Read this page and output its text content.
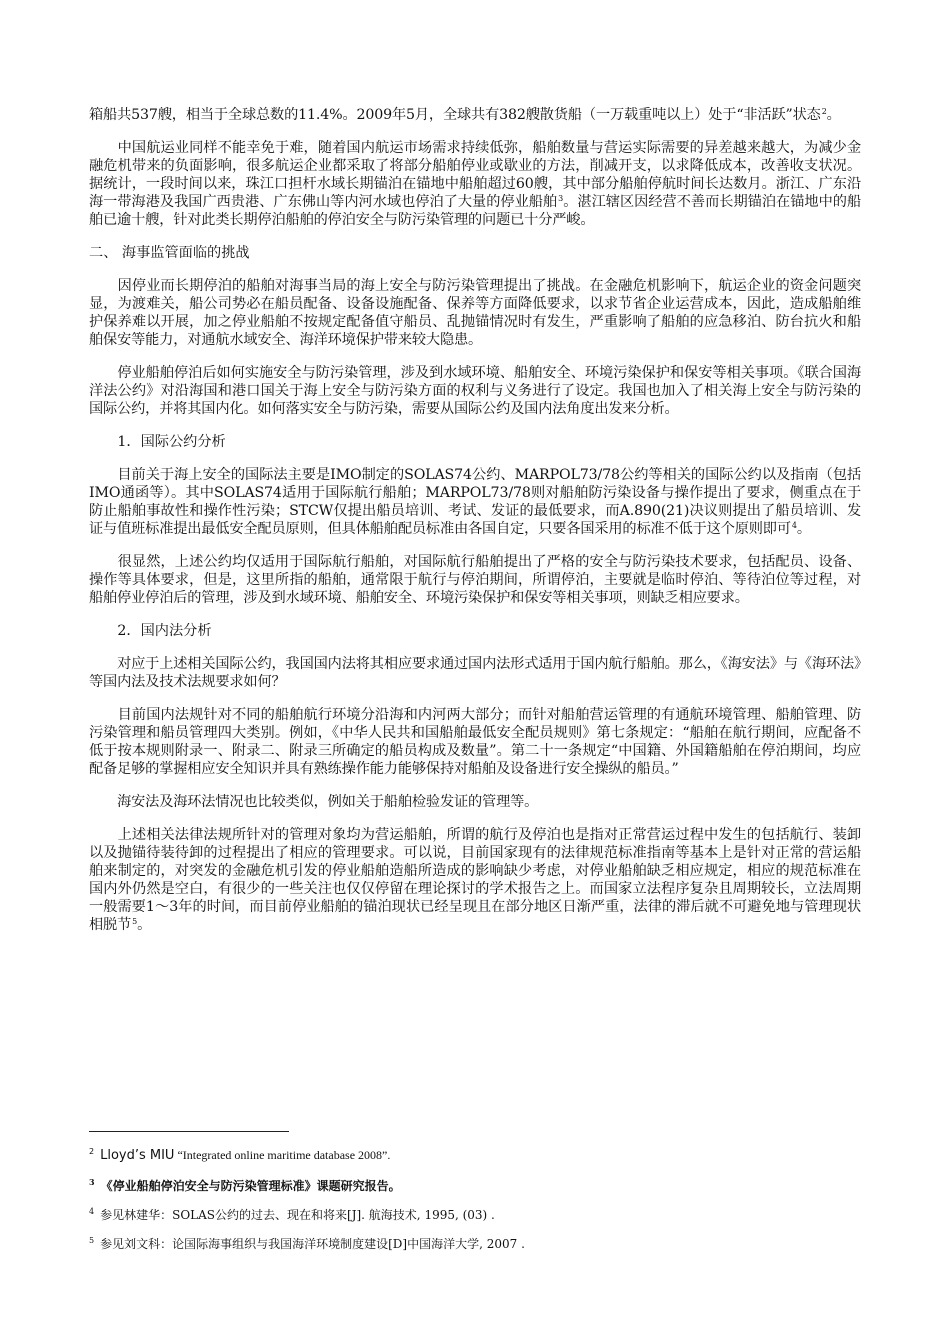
箱船共537艘，相当于全球总数的11.4%。2009年5月，全球共有382艘散货船（一万载重吨以上）处于“非活跃”状态$^2$。

　　中国航运业同样不能幸免于难，随着国内航运市场需求持续低弥，船舶数量与营运实际需要的异差越来越大，为减少金融危机带来的负面影响，很多航运企业都采取了将部分船舶停业或歇业的方法，削减开支，以求降低成本，改善收支状况。据统计，一段时间以来，珠江口担杆水域长期锚泊在锚地中船舶超过60艘，其中部分船舶停航时间长达数月。浙江、广东沿海一带海港及我国广西贵港、广东佛山等内河水域也停泊了大量的停业船舶$^3$。湛江辖区因经营不善而长期锚泊在锚地中的船舶已逾十艘，针对此类长期停泊船舶的停泊安全与防污染管理的问题已十分严峻。

二、 海事监管面临的挑战

　　因停业而长期停泊的船舶对海事当局的海上安全与防污染管理提出了挑战。在金融危机影响下，航运企业的资金问题突显，为渡难关，船公司势必在船员配备、设备设施配备、保养等方面降低要求，以求节省企业运营成本，因此，造成船舶维护保养难以开展，加之停业船舶不按规定配备值守船员、乱抛锚情况时有发生，严重影响了船舶的应急移泊、防台抗火和船舶保安等能力，对通航水域安全、海洋环境保护带来较大隐患。

　　停业船舶停泊后如何实施安全与防污染管理，涉及到水域环境、船舶安全、环境污染保护和保安等相关事项。《联合国海洋法公约》对沿海国和港口国关于海上安全与防污染方面的权利与义务进行了设定。我国也加入了相关海上安全与防污染的国际公约，并将其国内化。如何落实安全与防污染，需要从国际公约及国内法角度出发来分析。

　　1．国际公约分析

　　目前关于海上安全的国际法主要是IMO制定的SOLAS74公约、MARPOL73/78公约等相关的国际公约以及指南（包括IMO通函等）。其中SOLAS74适用于国际航行船舶；MARPOL73/78则对船舶防污染设备与操作提出了要求，侧重点在于防止船舶事故性和操作性污染；STCW仅提出船员培训、考试、发证的最低要求，而A.890(21)决议则提出了船员培训、发证与值班标准提出最低安全配员原则，但具体船舶配员标准由各国自定，只要各国采用的标准不低于这个原则即可$^4$。

　　很显然，上述公约均仅适用于国际航行船舶，对国际航行船舶提出了严格的安全与防污染技术要求，包括配员、设备、操作等具体要求，但是，这里所指的船舶，通常限于航行与停泊期间，所谓停泊，主要就是临时停泊、等待泊位等过程，对船舶停业停泊后的管理，涉及到水域环境、船舶安全、环境污染保护和保安等相关事项，则缺乏相应要求。

　　2．国内法分析

　　对应于上述相关国际公约，我国国内法将其相应要求通过国内法形式适用于国内航行船舶。那么，《海安法》与《海环法》等国内法及技术法规要求如何？

　　目前国内法规针对不同的船舶航行环境分沿海和内河两大部分；而针对船舶营运管理的有通航环境管理、船舶管理、防污染管理和船员管理四大类别。例如，《中华人民共和国船舶最低安全配员规则》第七条规定：“船舶在航行期间，应配备不低于按本规则附录一、附录二、附录三所确定的船员构成及数量”。第二十一条规定“中国籍、外国籍船舶在停泊期间，均应配备足够的掌握相应安全知识并具有熟练操作能力能够保持对船舶及设备进行安全操纵的船员。”

　　海安法及海环法情况也比较类似，例如关于船舶检验发证的管理等。

　　上述相关法律法规所针对的管理对象均为营运船舶，所谓的航行及停泊也是指对正常营运过程中发生的包括航行、装卸以及抛锚待装待卸的过程提出了相应的管理要求。可以说，目前国家现有的法律规范标准指南等基本上是针对正常的营运船舶来制定的，对突发的金融危机引发的停业船舶造船所造成的影响缺少考虑，对停业船舶缺乏相应规定，相应的规范标准在国内外仍然是空白，有很少的一些关注也仅仅停留在理论探讨的学术报告之上。而国家立法程序复杂且周期较长，立法周期一般需要1～3年的时间，而目前停业船舶的锚泊现状已经呈现且在部分地区日渐严重，法律的滞后就不可避免地与管理现状相脱节$^5$。

$^2$ Lloyd’s MIU “Integrated online maritime database 2008”.

$^3$ 《停业船舶停泊安全与防污染管理标准》课题研究报告。

$^4$ 参见林建华：SOLAS公约的过去、现在和将来[J]. 航海技术, 1995, (03) .

$^5$ 参见刘文科：论国际海事组织与我国海洋环境制度建设[D]中国海洋大学, 2007 .
